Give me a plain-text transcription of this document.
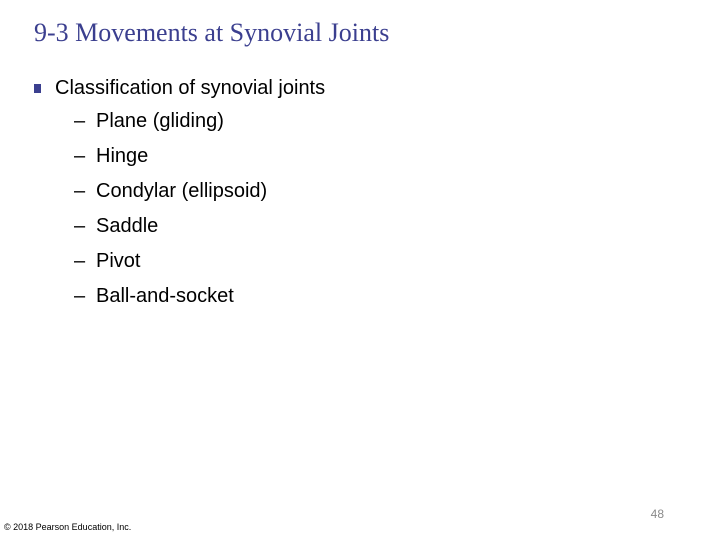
9-3 Movements at Synovial Joints
Classification of synovial joints
– Plane (gliding)
– Hinge
– Condylar (ellipsoid)
– Saddle
– Pivot
– Ball-and-socket
48
© 2018 Pearson Education, Inc.
